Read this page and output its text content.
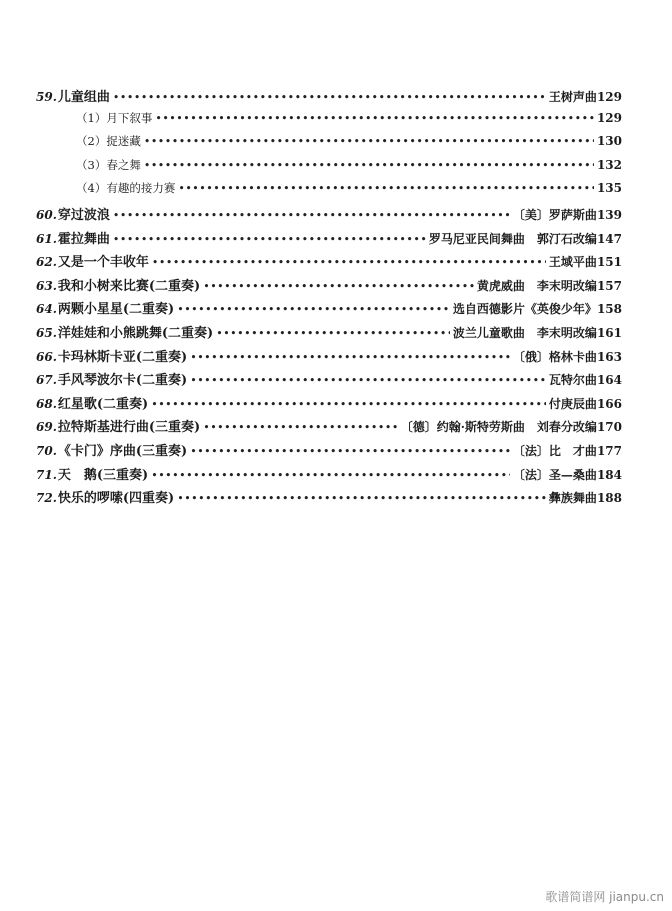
59. 儿童组曲 •••••	王树声曲 129
（1）月下叙事 •••••	129
（2）捉迷藏 •••••	130
（3）春之舞 •••••	132
（4）有趣的接力赛 •••••	135
60. 穿过波浪 •••••	〔美〕罗萨斯曲 139
61. 霍拉舞曲 •••••	罗马尼亚民间舞曲　郭汀石改编 147
62. 又是一个丰收年 •••••	王域平曲 151
63. 我和小树来比赛(二重奏) •••••	黄虎威曲　李末明改编 157
64. 两颗小星星(二重奏) •••••	选自西德影片《英俊少年》 158
65. 洋娃娃和小熊跳舞(二重奏) •••••	波兰儿童歌曲　李末明改编 161
66. 卡玛林斯卡亚(二重奏) •••••	〔俄〕格林卡曲 163
67. 手风琴波尔卡(二重奏) •••••	瓦特尔曲 164
68. 红星歌(二重奏) •••••	付庚辰曲 166
69. 拉特斯基进行曲(三重奏) •••••	〔德〕约翰·斯特劳斯曲　刘春分改编 170
70. 《卡门》序曲(三重奏) •••••	〔法〕比　才曲 177
71. 天　鹅(三重奏) •••••	〔法〕圣—桑曲 184
72. 快乐的啰嗦(四重奏) •••••	彝族舞曲 188
歌谱简谱网 jianpu.cn
